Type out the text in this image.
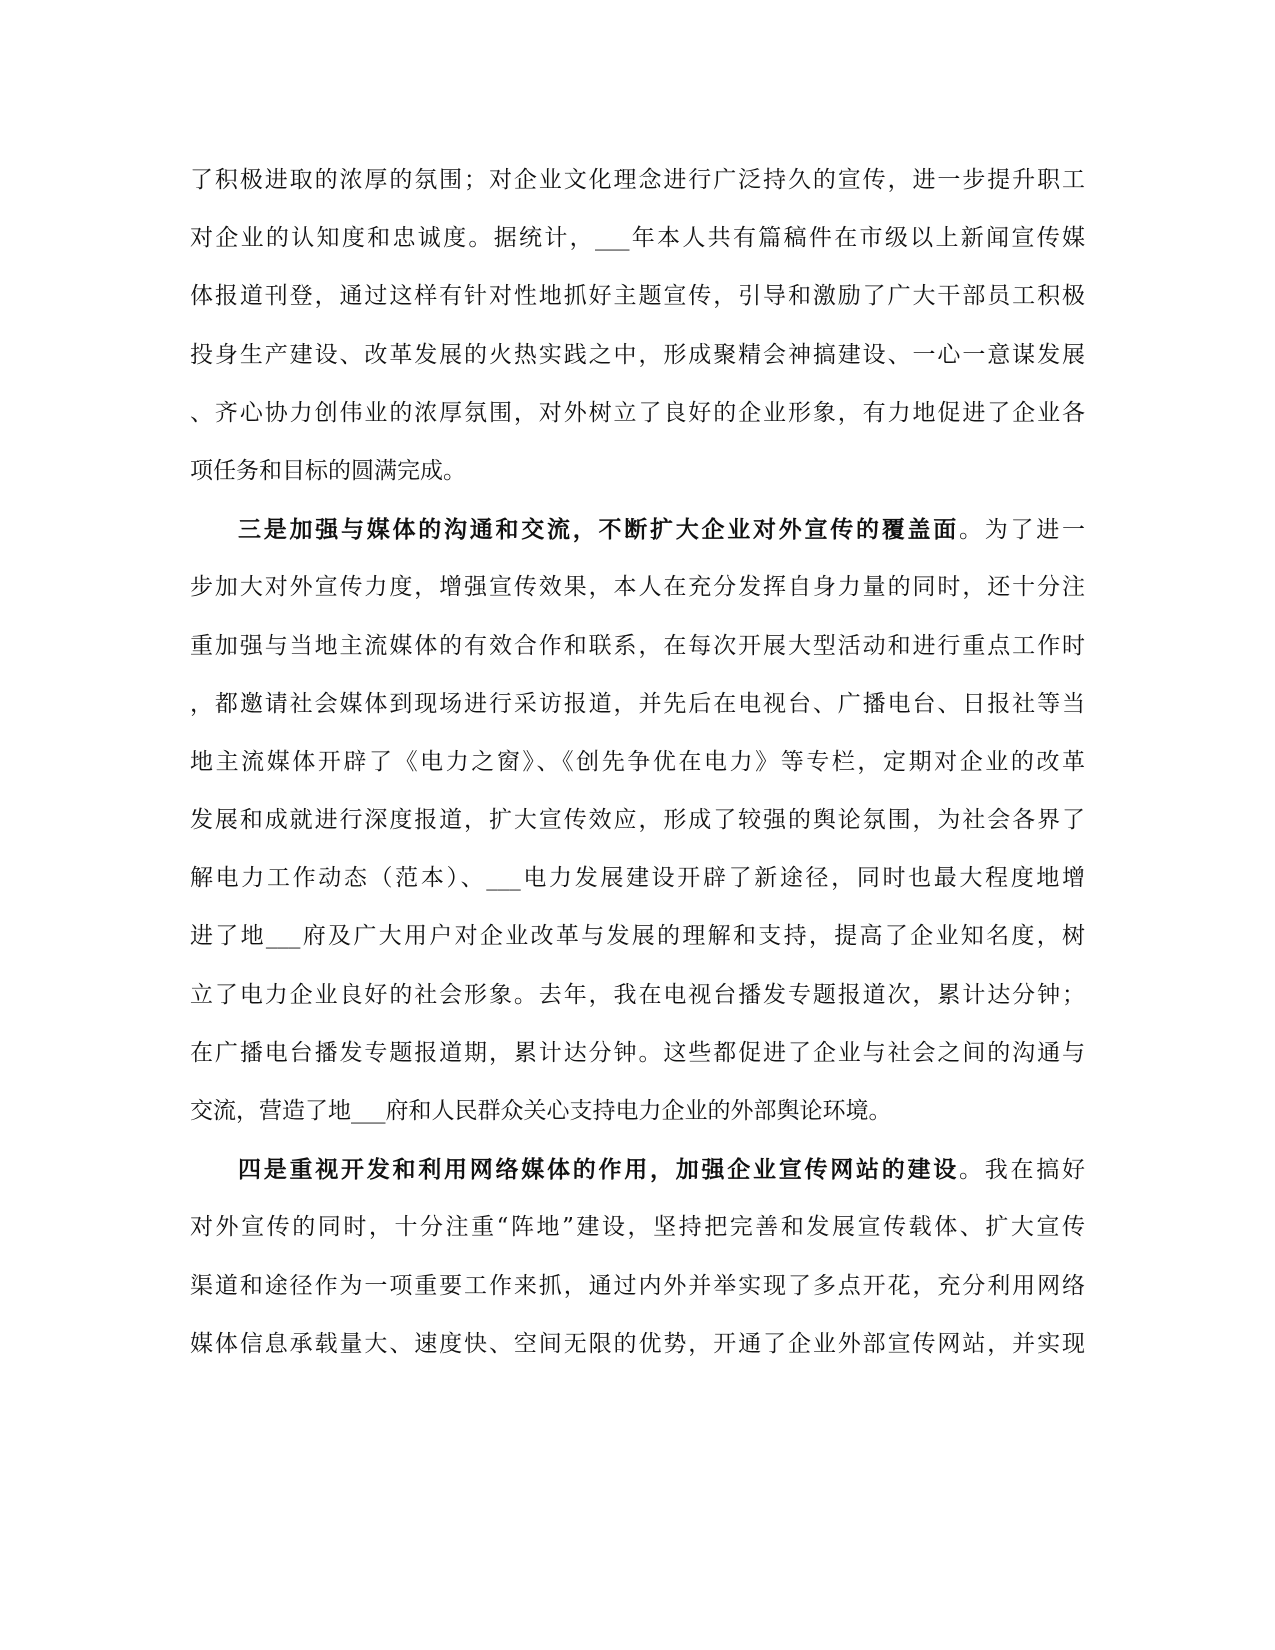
了积极进取的浓厚的氛围；对企业文化理念进行广泛持久的宣传，进一步提升职工
对企业的认知度和忠诚度。据统计，___年本人共有篇稿件在市级以上新闻宣传媒
体报道刊登，通过这样有针对性地抓好主题宣传，引导和激励了广大干部员工积极
投身生产建设、改革发展的火热实践之中，形成聚精会神搞建设、一心一意谋发展
、齐心协力创伟业的浓厚氛围，对外树立了良好的企业形象，有力地促进了企业各
项任务和目标的圆满完成。
三是加强与媒体的沟通和交流，不断扩大企业对外宣传的覆盖面。为了进一
步加大对外宣传力度，增强宣传效果，本人在充分发挥自身力量的同时，还十分注
重加强与当地主流媒体的有效合作和联系，在每次开展大型活动和进行重点工作时
，都邀请社会媒体到现场进行采访报道，并先后在电视台、广播电台、日报社等当
地主流媒体开辟了《电力之窗》、《创先争优在电力》等专栏，定期对企业的改革
发展和成就进行深度报道，扩大宣传效应，形成了较强的舆论氛围，为社会各界了
解电力工作动态（范本）、___电力发展建设开辟了新途径，同时也最大程度地增
进了地___府及广大用户对企业改革与发展的理解和支持，提高了企业知名度，树
立了电力企业良好的社会形象。去年，我在电视台播发专题报道次，累计达分钟；
在广播电台播发专题报道期，累计达分钟。这些都促进了企业与社会之间的沟通与
交流，营造了地___府和人民群众关心支持电力企业的外部舆论环境。
四是重视开发和利用网络媒体的作用，加强企业宣传网站的建设。我在搞好
对外宣传的同时，十分注重“阵地”建设，坚持把完善和发展宣传载体、扩大宣传
渠道和途径作为一项重要工作来抓，通过内外并举实现了多点开花，充分利用网络
媒体信息承载量大、速度快、空间无限的优势，开通了企业外部宣传网站，并实现
